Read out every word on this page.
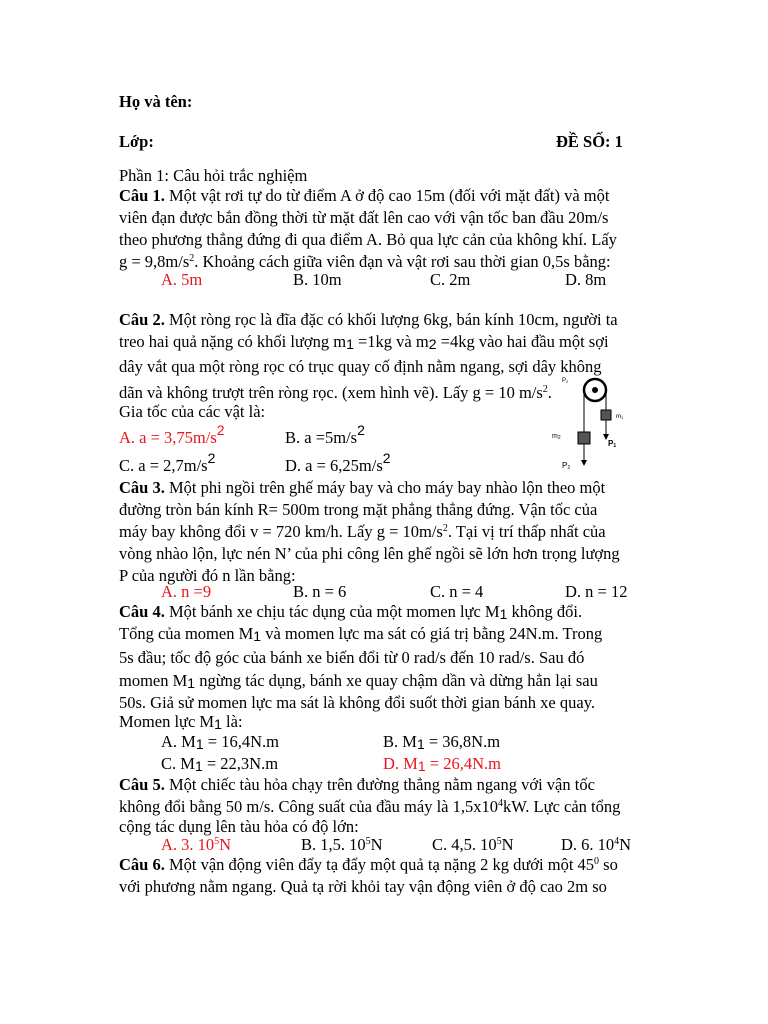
Họ và tên:
Lớp:	ĐỀ SỐ: 1
Phần 1: Câu hỏi trắc nghiệm
Câu 1. Một vật rơi tự do từ điểm A ở độ cao 15m (đối với mặt đất) và một
viên đạn được bắn đồng thời từ mặt đất lên cao với vận tốc ban đầu 20m/s
theo phương thẳng đứng đi qua điểm A. Bỏ qua lực cản của không khí. Lấy
$g = 9,8m/s^2$. Khoảng cách giữa viên đạn và vật rơi sau thời gian 0,5s bằng:
A. 5m	B. 10m	C. 2m	D. 8m
Câu 2. Một ròng rọc là đĩa đặc có khối lượng 6kg, bán kính 10cm, người ta
treo hai quả nặng có khối lượng $m_1 =1kg$ và $m_2 =4kg$ vào hai đầu một sợi
dây vắt qua một ròng rọc có trục quay cố định nằm ngang, sợi dây không
dãn và không trượt trên ròng rọc. (xem hình vẽ). Lấy g = 10 $m/s^2$.
Gia tốc của các vật là:
A. $a = 3,75m/s^2$	B. $a =5m/s^2$
C. $a = 2,7m/s^2$	D. $a = 6,25m/s^2$
m2
P2
P1
m1
P2
Câu 3. Một phi ngồi trên ghế máy bay và cho máy bay nhào lộn theo một
đường tròn bán kính R= 500m trong mặt phẳng thẳng đứng. Vận tốc của
máy bay không đổi v = 720 km/h. Lấy $g = 10m/s^2$. Tại vị trí thấp nhất của
vòng nhào lộn, lực nén N’ của phi công lên ghế ngồi sẽ lớn hơn trọng lượng
P của người đó n lần bằng:
A. n =9	B. n = 6	C. n = 4	D. n = 12
Câu 4. Một bánh xe chịu tác dụng của một momen lực $M_1$ không đổi.
Tổng của momen $M_1$ và momen lực ma sát có giá trị bằng 24N.m. Trong
5s đầu; tốc độ góc của bánh xe biến đổi từ 0 rad/s đến 10 rad/s. Sau đó
momen $M_1$ ngừng tác dụng, bánh xe quay chậm dần và dừng hẳn lại sau
50s. Giả sử momen lực ma sát là không đổi suốt thời gian bánh xe quay.
Momen lực $M_1$ là:
A. $M_1 = 16,4N.m$	B. $M_1 = 36,8N.m$
C. $M_1 = 22,3N.m$	D. $M_1 = 26,4N.m$
Câu 5. Một chiếc tàu hỏa chạy trên đường thẳng nằm ngang với vận tốc
không đổi bằng 50 m/s. Công suất của đầu máy là $1,5x10^4kW$. Lực cản tổng
cộng tác dụng lên tàu hỏa có độ lớn:
A. 3. $10^5N$	B. 1,5. $10^5N$	C. 4,5. $10^5N$	D. 6. $10^4N$
Câu 6. Một vận động viên đẩy tạ đẩy một quả tạ nặng 2 kg dưới một $45^0$ so
với phương nằm ngang. Quả tạ rời khỏi tay vận động viên ở độ cao 2m so
